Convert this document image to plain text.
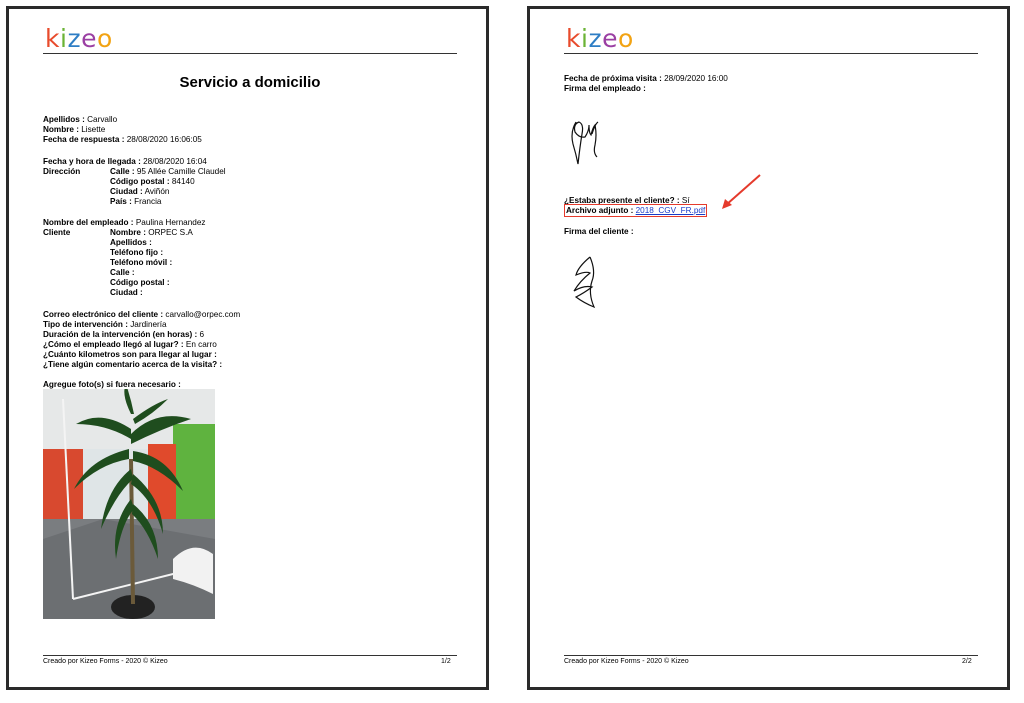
kizeo
Servicio a domicilio
Apellidos : Carvallo
Nombre : Lisette
Fecha de respuesta : 28/08/2020 16:06:05
Fecha y hora de llegada : 28/08/2020 16:04
Dirección	Calle : 95 Allée Camille Claudel
Código postal : 84140
Ciudad : Aviñón
País : Francia
Nombre del empleado : Paulina Hernandez
Cliente	Nombre : ORPEC S.A
Apellidos :
Teléfono fijo :
Teléfono móvil :
Calle :
Código postal :
Ciudad :
Correo electrónico del cliente : carvallo@orpec.com
Tipo de intervención : Jardinería
Duración de la intervención (en horas) : 6
¿Cómo el empleado llegó al lugar? : En carro
¿Cuánto kilometros son para llegar al lugar :
¿Tiene algún comentario acerca de la visita? :
Agregue foto(s) si fuera necesario :
Creado por Kizeo Forms - 2020 © Kizeo	1/2
kizeo
Fecha de próxima visita : 28/09/2020 16:00
Firma del empleado :
¿Estaba presente el cliente? : Sí
Archivo adjunto : 2018_CGV_FR.pdf
Firma del cliente :
Creado por Kizeo Forms - 2020 © Kizeo	2/2
